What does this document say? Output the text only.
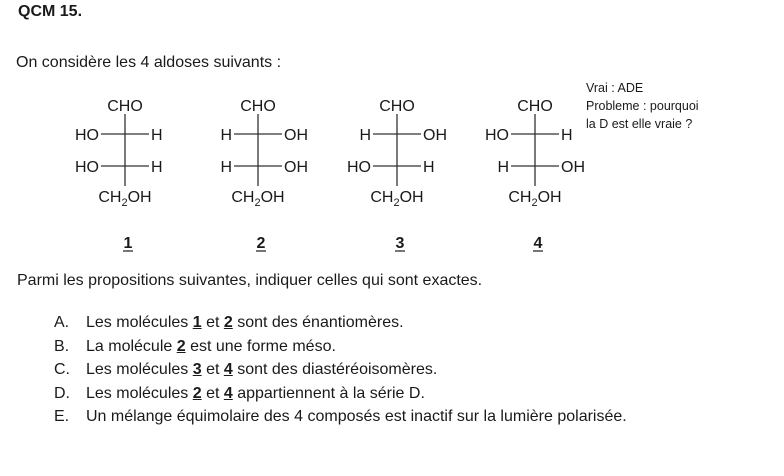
QCM 15.
On considère les 4 aldoses suivants :
Vrai : ADE
Probleme : pourquoi
la D est elle vraie ?
CHO
HO	H
HO	H
$CH_2OH$
1
CHO
H	OH
H	OH
$CH_2OH$
2
CHO
H	OH
HO	H
$CH_2OH$
3
CHO
HO	H
H	OH
$CH_2OH$
4
Parmi les propositions suivantes, indiquer celles qui sont exactes.
A. Les molécules 1 et 2 sont des énantiomères.
B. La molécule 2 est une forme méso.
C. Les molécules 3 et 4 sont des diastéréoisomères.
D. Les molécules 2 et 4 appartiennent à la série D.
E. Un mélange équimolaire des 4 composés est inactif sur la lumière polarisée.
